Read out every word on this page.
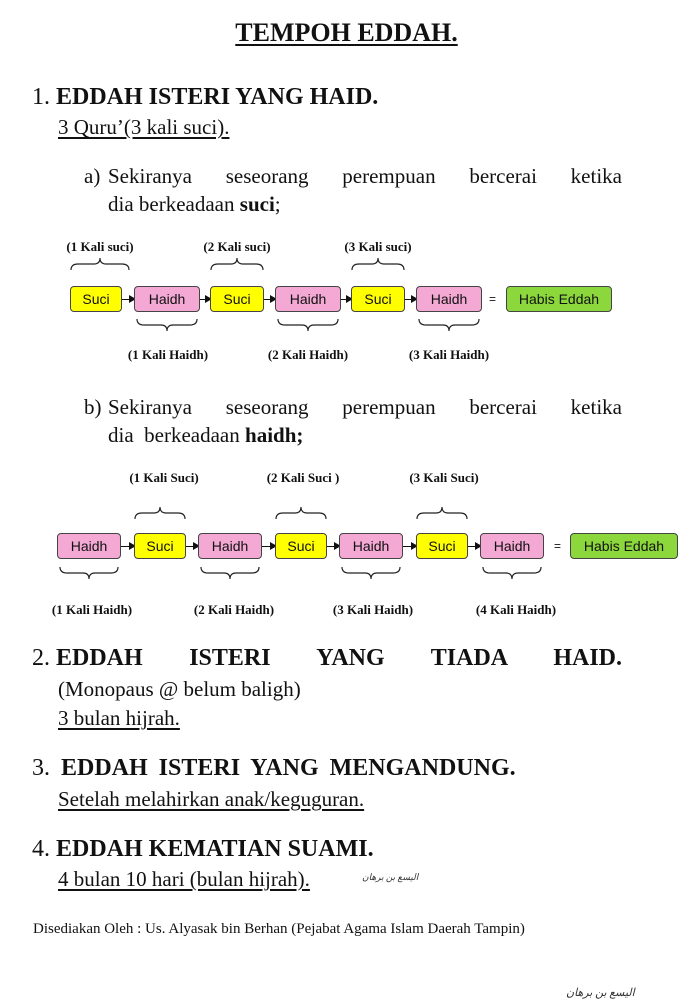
TEMPOH EDDAH.
1. EDDAH ISTERI YANG HAID.
3 Quru’(3 kali suci).
a) Sekiranya seseorang perempuan bercerai ketika
dia berkeadaan suci;
(1 Kali suci)	(2 Kali suci)	(3 Kali suci)
Suci	Haidh	Suci	Haidh	Suci	Haidh	=	Habis Eddah
(1 Kali Haidh)	(2 Kali Haidh)	(3 Kali Haidh)
b) Sekiranya seseorang perempuan bercerai ketika
dia  berkeadaan haidh;
(1 Kali Suci)	(2 Kali Suci )	(3 Kali Suci)
Haidh	Suci	Haidh	Suci	Haidh	Suci	Haidh	=	Habis Eddah
(1 Kali Haidh)	(2 Kali Haidh)	(3 Kali Haidh)	(4 Kali Haidh)
2. EDDAH ISTERI YANG TIADA HAID.
(Monopaus @ belum baligh)
3 bulan hijrah.
3. EDDAH ISTERI YANG MENGANDUNG.
Setelah melahirkan anak/keguguran.
4. EDDAH KEMATIAN SUAMI.
4 bulan 10 hari (bulan hijrah).	اليسع بن برهان
Disediakan Oleh : Us. Alyasak bin Berhan (Pejabat Agama Islam Daerah Tampin)
اليسع بن برهان
